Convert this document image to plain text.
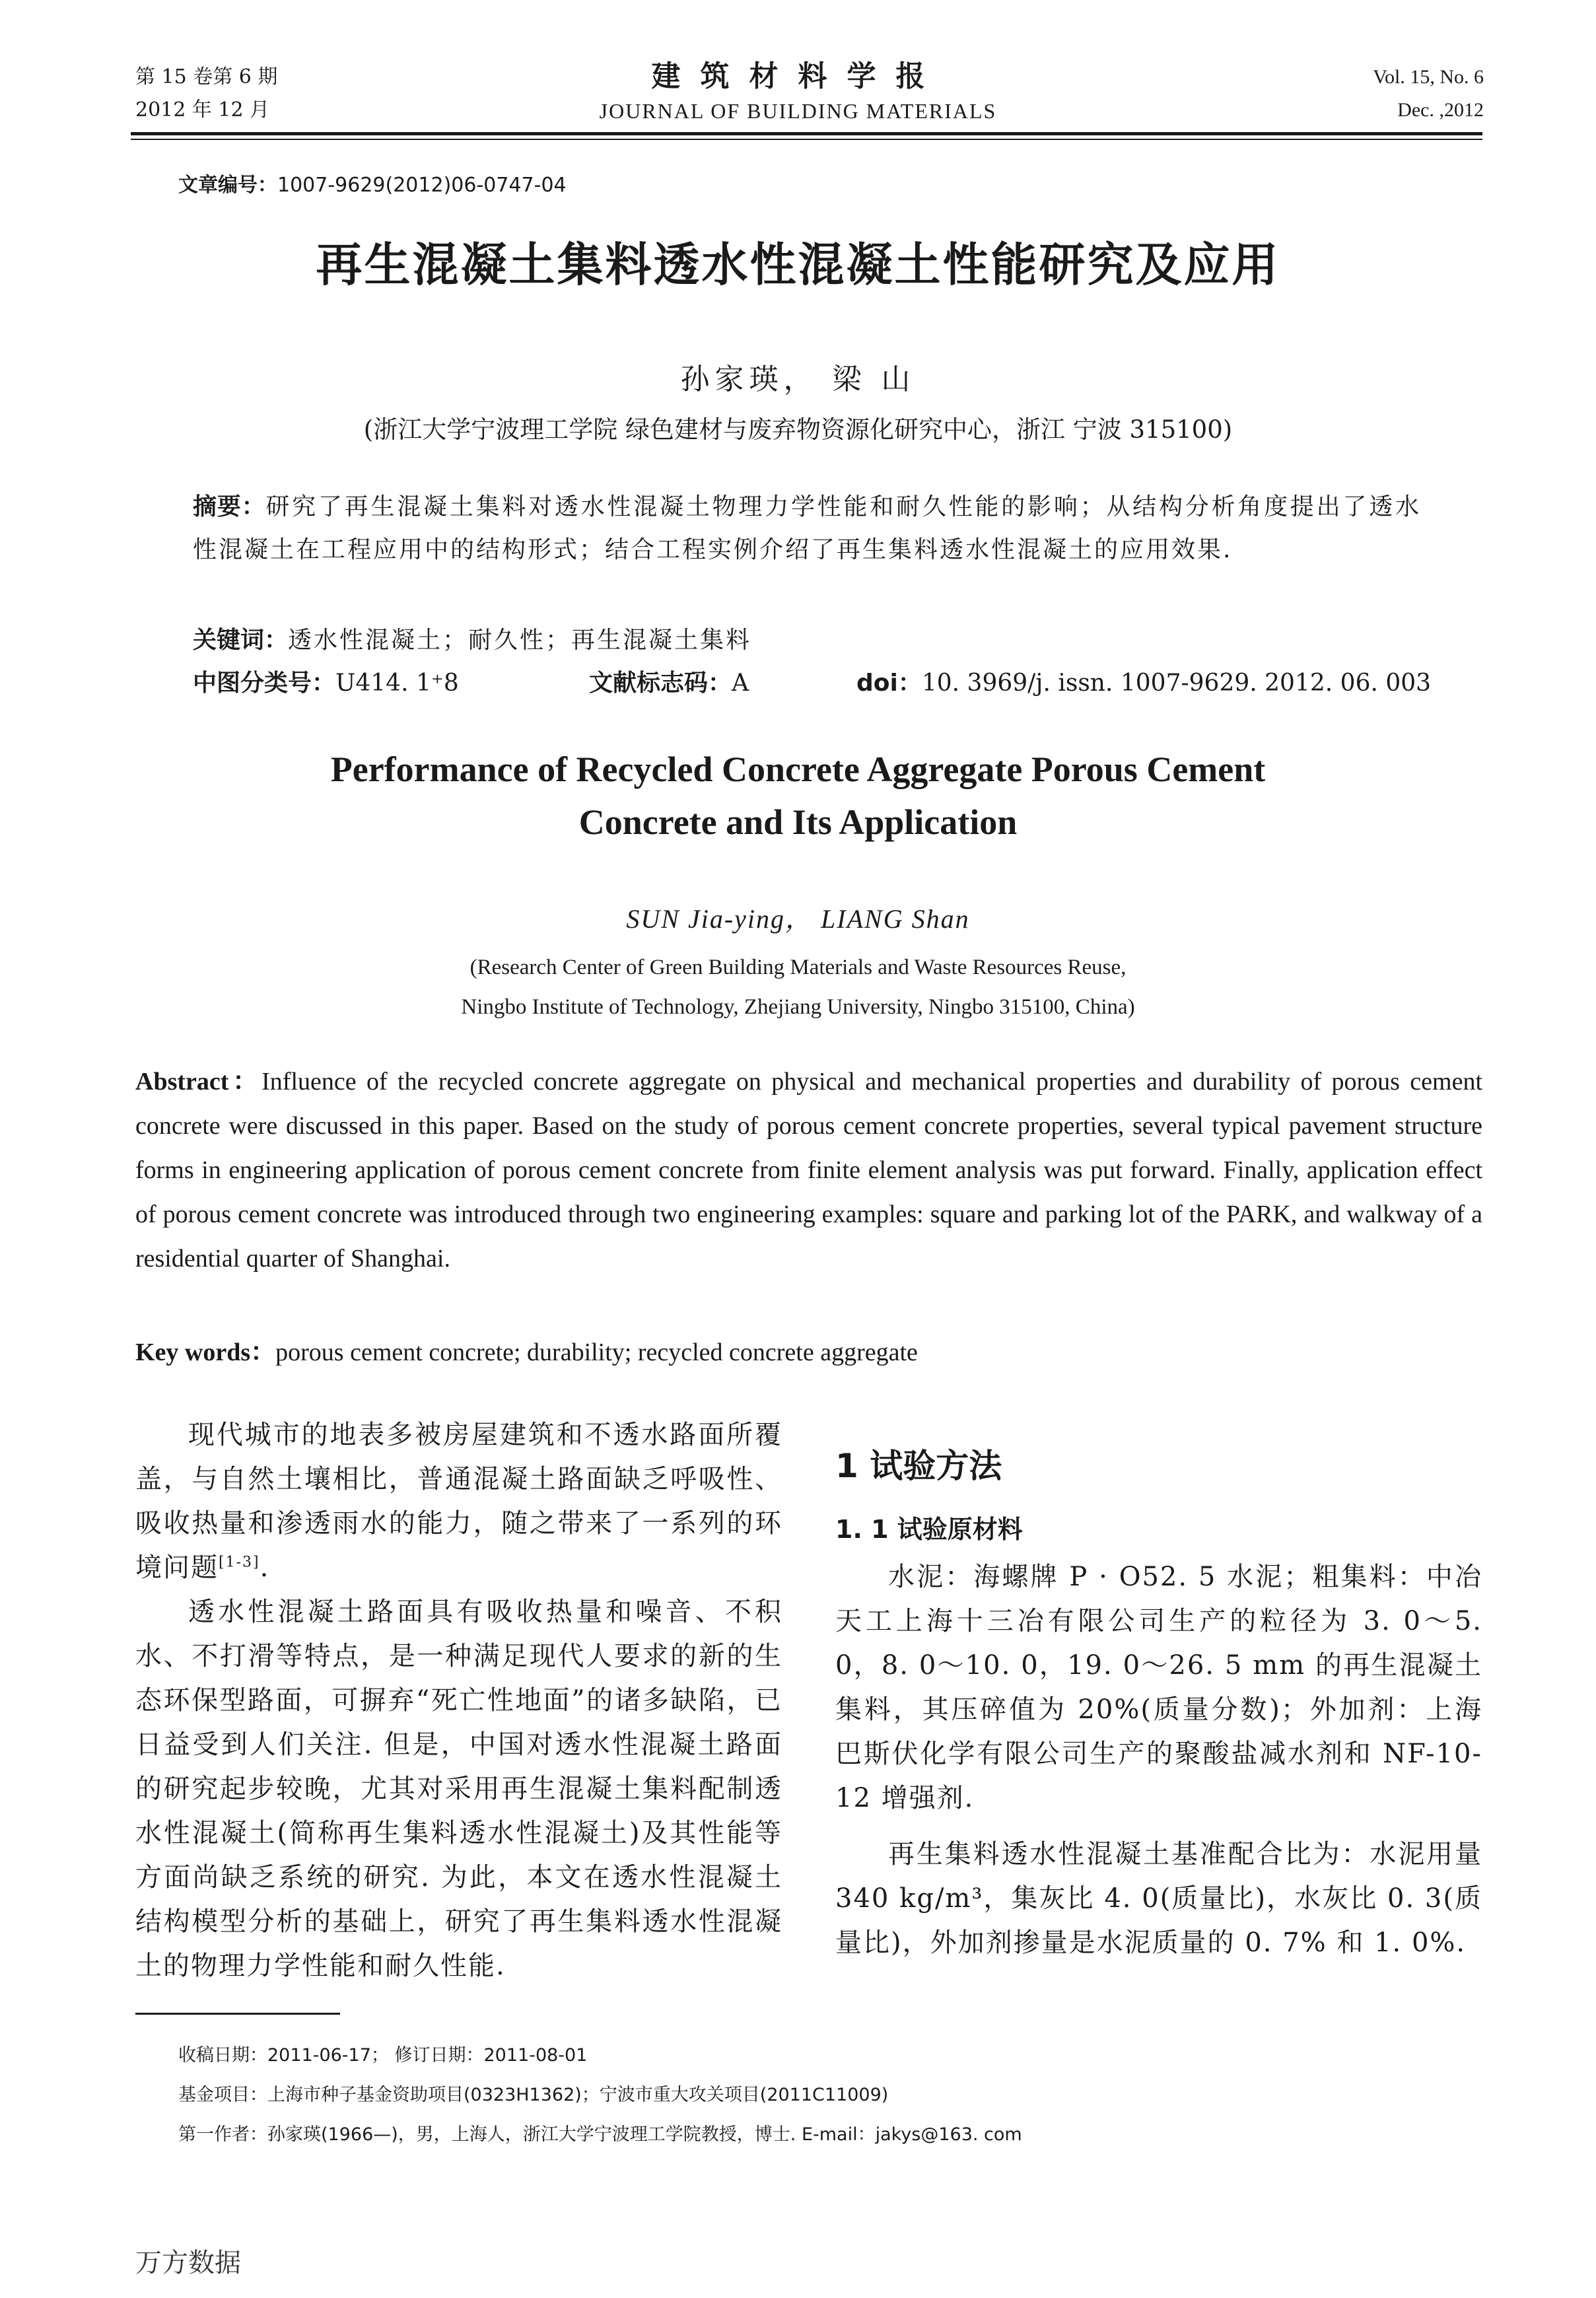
第 15 卷第 6 期
2012 年 12 月
建筑材料学报
JOURNAL OF BUILDING MATERIALS
Vol. 15, No. 6
Dec. ,2012
文章编号：1007-9629(2012)06-0747-04
再生混凝土集料透水性混凝土性能研究及应用
孙家瑛， 梁 山
(浙江大学宁波理工学院 绿色建材与废弃物资源化研究中心，浙江 宁波 315100)
摘要：研究了再生混凝土集料对透水性混凝土物理力学性能和耐久性能的影响；从结构分析角度提出了透水性混凝土在工程应用中的结构形式；结合工程实例介绍了再生集料透水性混凝土的应用效果.
关键词：透水性混凝土；耐久性；再生混凝土集料
中图分类号：U414. 1⁺8	文献标志码：A	doi：10. 3969/j. issn. 1007-9629. 2012. 06. 003
Performance of Recycled Concrete Aggregate Porous Cement
Concrete and Its Application
SUN Jia-ying， LIANG Shan
(Research Center of Green Building Materials and Waste Resources Reuse,
Ningbo Institute of Technology, Zhejiang University, Ningbo 315100, China)
Abstract：Influence of the recycled concrete aggregate on physical and mechanical properties and durability of porous cement concrete were discussed in this paper. Based on the study of porous cement concrete properties, several typical pavement structure forms in engineering application of porous cement concrete from finite element analysis was put forward. Finally, application effect of porous cement concrete was introduced through two engineering examples: square and parking lot of the PARK, and walkway of a residential quarter of Shanghai.
Key words：porous cement concrete; durability; recycled concrete aggregate

现代城市的地表多被房屋建筑和不透水路面所覆盖，与自然土壤相比，普通混凝土路面缺乏呼吸性、吸收热量和渗透雨水的能力，随之带来了一系列的环境问题[1-3].

透水性混凝土路面具有吸收热量和噪音、不积水、不打滑等特点，是一种满足现代人要求的新的生态环保型路面，可摒弃“死亡性地面”的诸多缺陷，已日益受到人们关注. 但是，中国对透水性混凝土路面的研究起步较晚，尤其对采用再生混凝土集料配制透水性混凝土(简称再生集料透水性混凝土)及其性能等方面尚缺乏系统的研究. 为此，本文在透水性混凝土结构模型分析的基础上，研究了再生集料透水性混凝土的物理力学性能和耐久性能.

1 试验方法
1. 1 试验原材料

水泥：海螺牌 P · O52. 5 水泥；粗集料：中冶天工上海十三冶有限公司生产的粒径为 3. 0～5. 0，8. 0～10. 0，19. 0～26. 5 mm 的再生混凝土集料，其压碎值为 20%(质量分数)；外加剂：上海巴斯伏化学有限公司生产的聚酸盐减水剂和 NF-10-12 增强剂.

再生集料透水性混凝土基准配合比为：水泥用量 340 kg/m³，集灰比 4. 0(质量比)，水灰比 0. 3(质量比)，外加剂掺量是水泥质量的 0. 7% 和 1. 0%.

收稿日期：2011-06-17； 修订日期：2011-08-01
基金项目：上海市种子基金资助项目(0323H1362)；宁波市重大攻关项目(2011C11009)
第一作者：孙家瑛(1966—)，男，上海人，浙江大学宁波理工学院教授，博士. E-mail：jakys@163. com
万方数据
